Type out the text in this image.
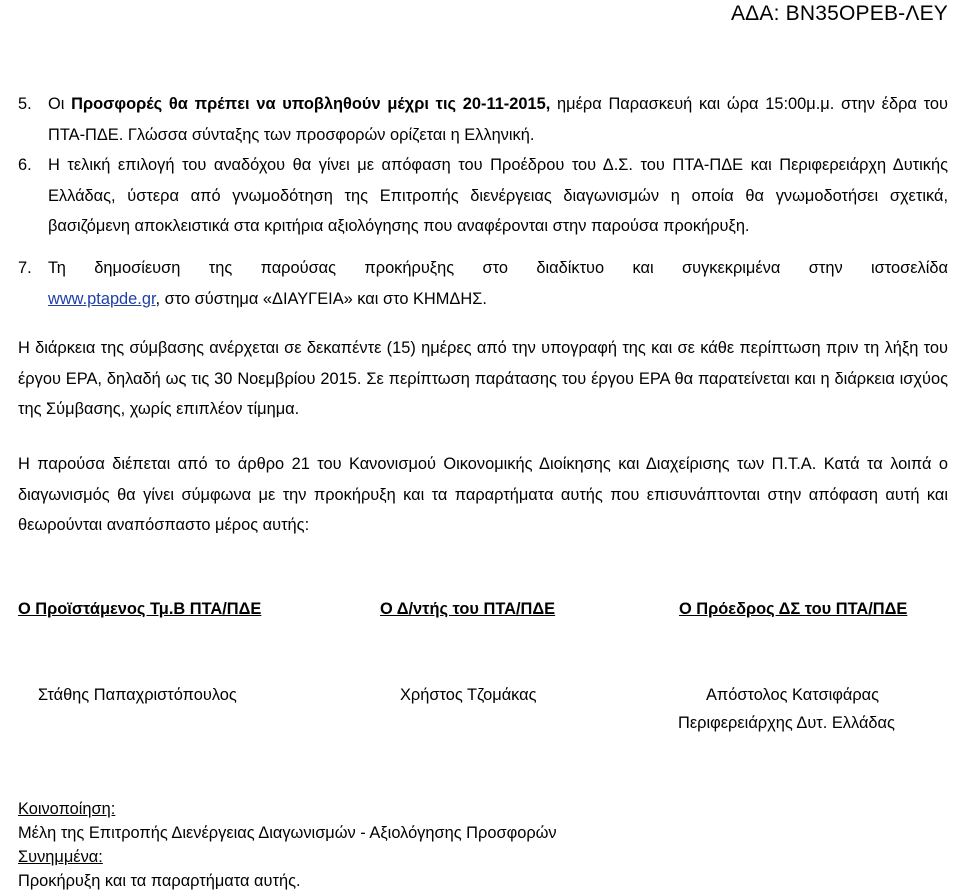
ΑΔΑ: ΒΝ35ΟΡΕΒ-ΛΕΥ
5. Οι Προσφορές θα πρέπει να υποβληθούν μέχρι τις 20-11-2015, ημέρα Παρασκευή και ώρα 15:00μ.μ. στην έδρα του ΠΤΑ-ΠΔΕ. Γλώσσα σύνταξης των προσφορών ορίζεται η Ελληνική.
6. Η τελική επιλογή του αναδόχου θα γίνει με απόφαση του Προέδρου του Δ.Σ. του ΠΤΑ-ΠΔΕ και Περιφερειάρχη Δυτικής Ελλάδας, ύστερα από γνωμοδότηση της Επιτροπής διενέργειας διαγωνισμών η οποία θα γνωμοδοτήσει σχετικά, βασιζόμενη αποκλειστικά στα κριτήρια αξιολόγησης που αναφέρονται στην παρούσα προκήρυξη.
7. Τη δημοσίευση της παρούσας προκήρυξης στο διαδίκτυο και συγκεκριμένα στην ιστοσελίδα
www.ptapde.gr, στο σύστημα «ΔΙΑΥΓΕΙΑ» και στο ΚΗΜΔΗΣ.
Η διάρκεια της σύμβασης ανέρχεται σε δεκαπέντε (15) ημέρες από την υπογραφή της και σε κάθε περίπτωση πριν τη λήξη του έργου ΕΡΑ, δηλαδή ως τις 30 Νοεμβρίου 2015. Σε περίπτωση παράτασης του έργου ΕΡΑ θα παρατείνεται και η διάρκεια ισχύος της Σύμβασης, χωρίς επιπλέον τίμημα.
Η παρούσα διέπεται από το άρθρο 21 του Κανονισμού Οικονομικής Διοίκησης και Διαχείρισης των Π.Τ.Α. Κατά τα λοιπά ο διαγωνισμός θα γίνει σύμφωνα με την προκήρυξη και τα παραρτήματα αυτής που επισυνάπτονται στην απόφαση αυτή και θεωρούνται αναπόσπαστο μέρος αυτής:
Ο Προϊστάμενος Τμ.Β ΠΤΑ/ΠΔΕ	Ο Δ/ντής του ΠΤΑ/ΠΔΕ	Ο Πρόεδρος ΔΣ του ΠΤΑ/ΠΔΕ
Στάθης Παπαχριστόπουλος	Χρήστος Τζομάκας	Απόστολος Κατσιφάρας
Περιφερειάρχης Δυτ. Ελλάδας
Κοινοποίηση:
Μέλη της Επιτροπής Διενέργειας Διαγωνισμών - Αξιολόγησης Προσφορών
Συνημμένα:
Προκήρυξη και τα παραρτήματα αυτής.
